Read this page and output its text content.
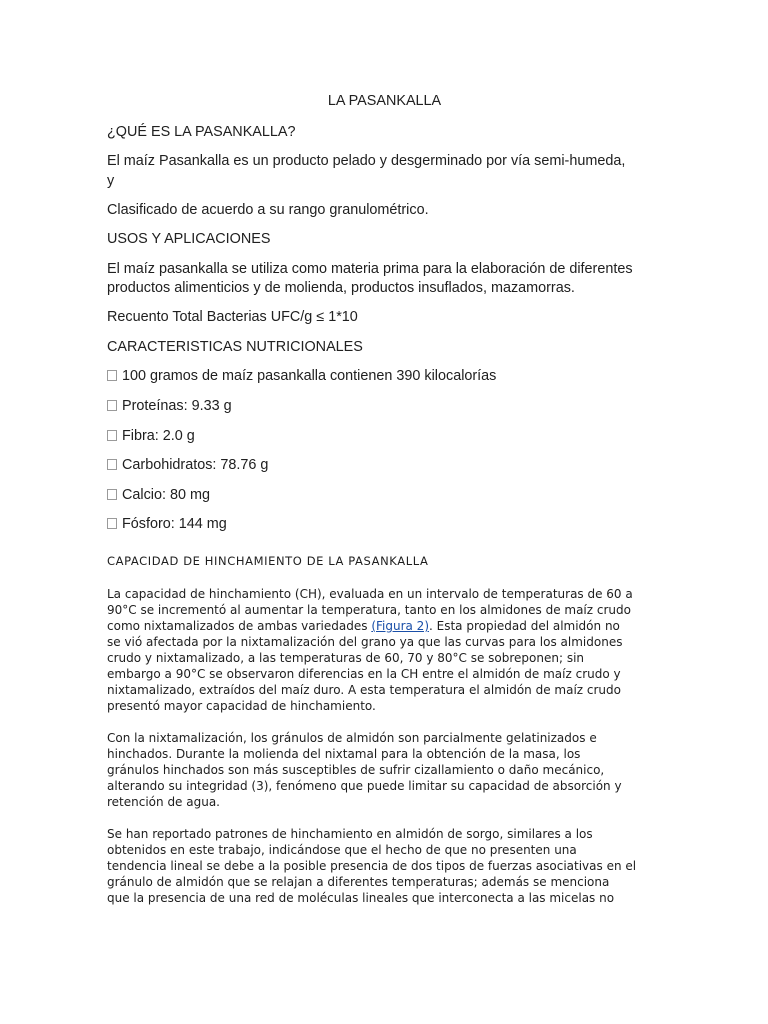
LA PASANKALLA

¿QUÉ ES LA PASANKALLA?

El maíz Pasankalla es un producto pelado y desgerminado por vía semi-humeda,

y

Clasificado de acuerdo a su rango granulométrico.

USOS Y APLICACIONES

El maíz pasankalla se utiliza como materia prima para la elaboración de diferentes

productos alimenticios y de molienda, productos insuflados, mazamorras.

Recuento Total Bacterias UFC/g ≤ 1*10

CARACTERISTICAS NUTRICIONALES

100 gramos de maíz pasankalla contienen 390 kilocalorías
Proteínas: 9.33 g
Fibra: 2.0 g
Carbohidratos: 78.76 g
Calcio: 80 mg
Fósforo: 144 mg

CAPACIDAD DE HINCHAMIENTO DE LA PASANKALLA

La capacidad de hinchamiento (CH), evaluada en un intervalo de temperaturas de 60 a

90°C se incrementó al aumentar la temperatura, tanto en los almidones de maíz crudo

como nixtamalizados de ambas variedades (Figura 2). Esta propiedad del almidón no

se vió afectada por la nixtamalización del grano ya que las curvas para los almidones

crudo y nixtamalizado, a las temperaturas de 60, 70 y 80°C se sobreponen; sin

embargo a 90°C se observaron diferencias en la CH entre el almidón de maíz crudo y

nixtamalizado, extraídos del maíz duro. A esta temperatura el almidón de maíz crudo

presentó mayor capacidad de hinchamiento.

Con la nixtamalización, los gránulos de almidón son parcialmente gelatinizados e

hinchados. Durante la molienda del nixtamal para la obtención de la masa, los

gránulos hinchados son más susceptibles de sufrir cizallamiento o daño mecánico,

alterando su integridad (3), fenómeno que puede limitar su capacidad de absorción y

retención de agua.

Se han reportado patrones de hinchamiento en almidón de sorgo, similares a los

obtenidos en este trabajo, indicándose que el hecho de que no presenten una

tendencia lineal se debe a la posible presencia de dos tipos de fuerzas asociativas en el

gránulo de almidón que se relajan a diferentes temperaturas; además se menciona

que la presencia de una red de moléculas lineales que interconecta a las micelas no
